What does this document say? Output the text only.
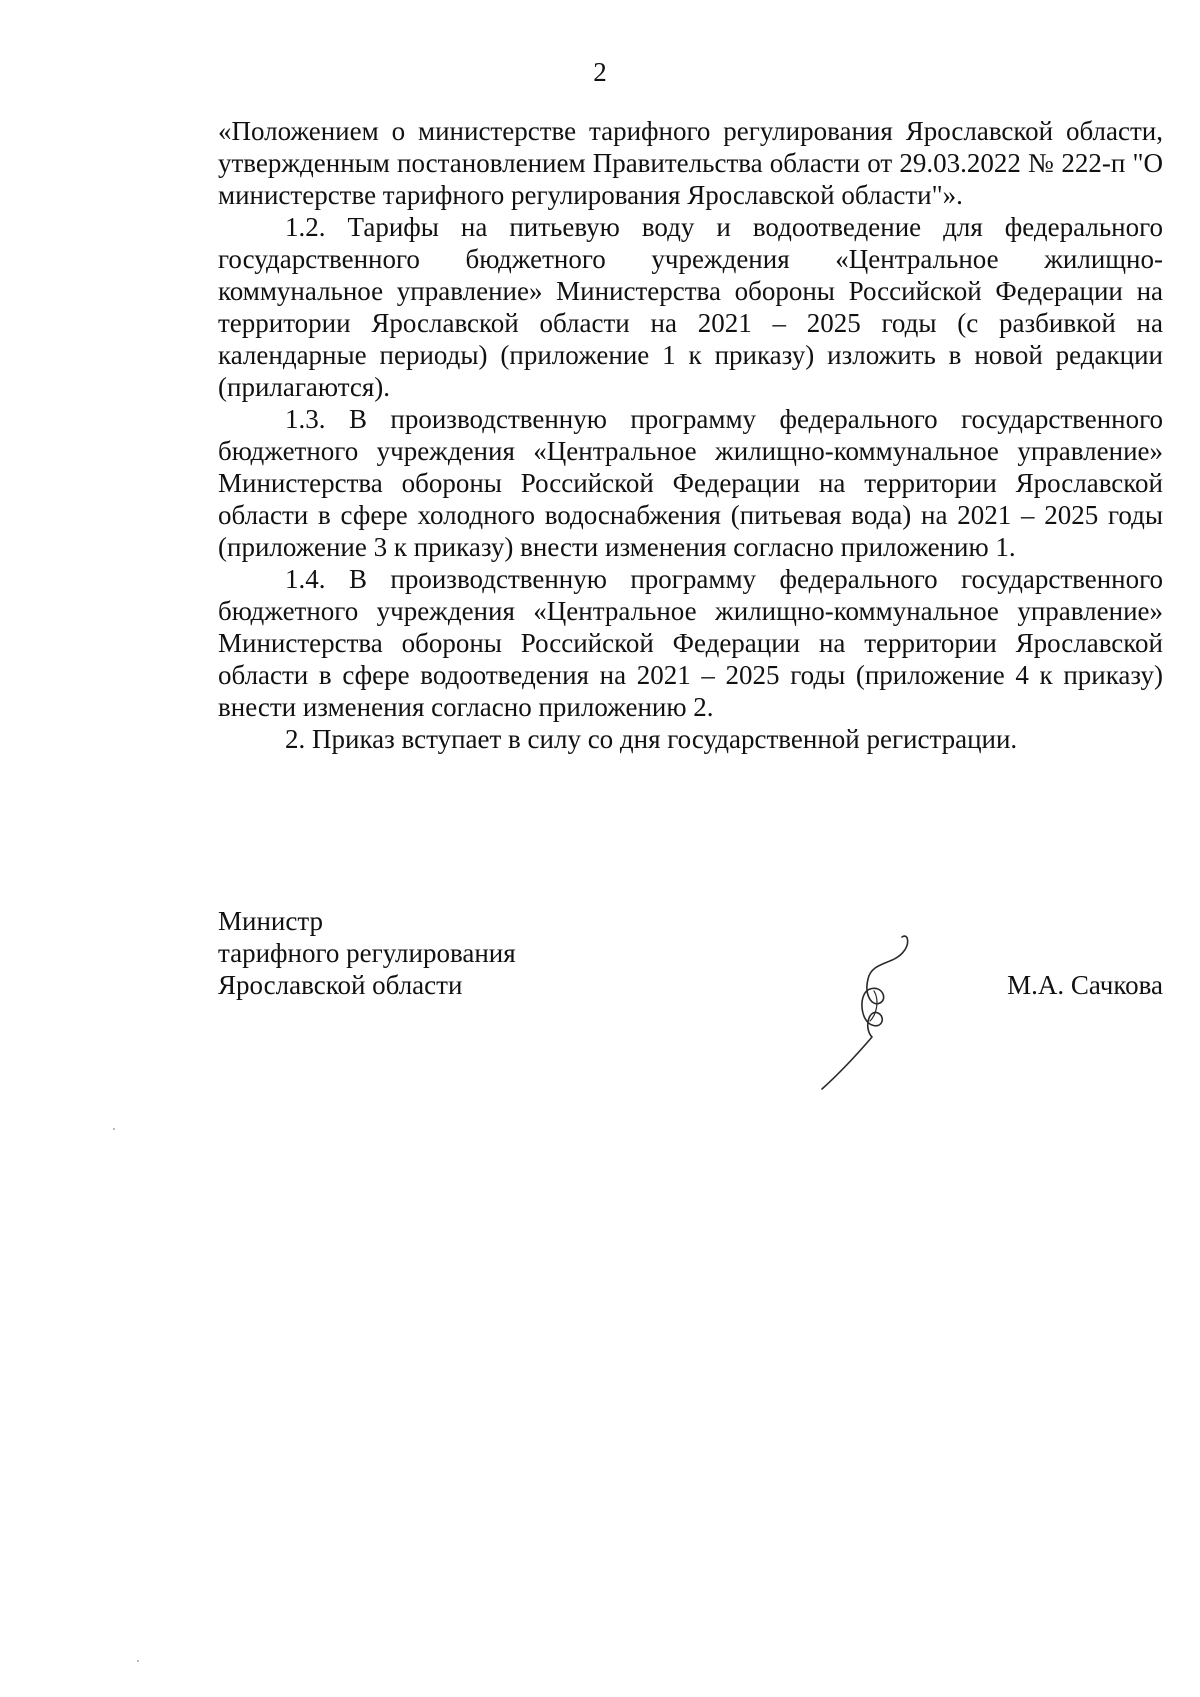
2

«Положением о министерстве тарифного регулирования Ярославской области, утвержденным постановлением Правительства области от 29.03.2022 № 222-п "О министерстве тарифного регулирования Ярославской области"».

1.2. Тарифы на питьевую воду и водоотведение для федерального государственного бюджетного учреждения «Центральное жилищно-коммунальное управление» Министерства обороны Российской Федерации на территории Ярославской области на 2021 – 2025 годы (с разбивкой на календарные периоды) (приложение 1 к приказу) изложить в новой редакции (прилагаются).

1.3. В производственную программу федерального государственного бюджетного учреждения «Центральное жилищно-коммунальное управление» Министерства обороны Российской Федерации на территории Ярославской области в сфере холодного водоснабжения (питьевая вода) на 2021 – 2025 годы (приложение 3 к приказу) внести изменения согласно приложению 1.

1.4. В производственную программу федерального государственного бюджетного учреждения «Центральное жилищно-коммунальное управление» Министерства обороны Российской Федерации на территории Ярославской области в сфере водоотведения на 2021 – 2025 годы (приложение 4 к приказу) внести изменения согласно приложению 2.

2. Приказ вступает в силу со дня государственной регистрации.

Министр
тарифного регулирования
Ярославской области	М.А. Сачкова
